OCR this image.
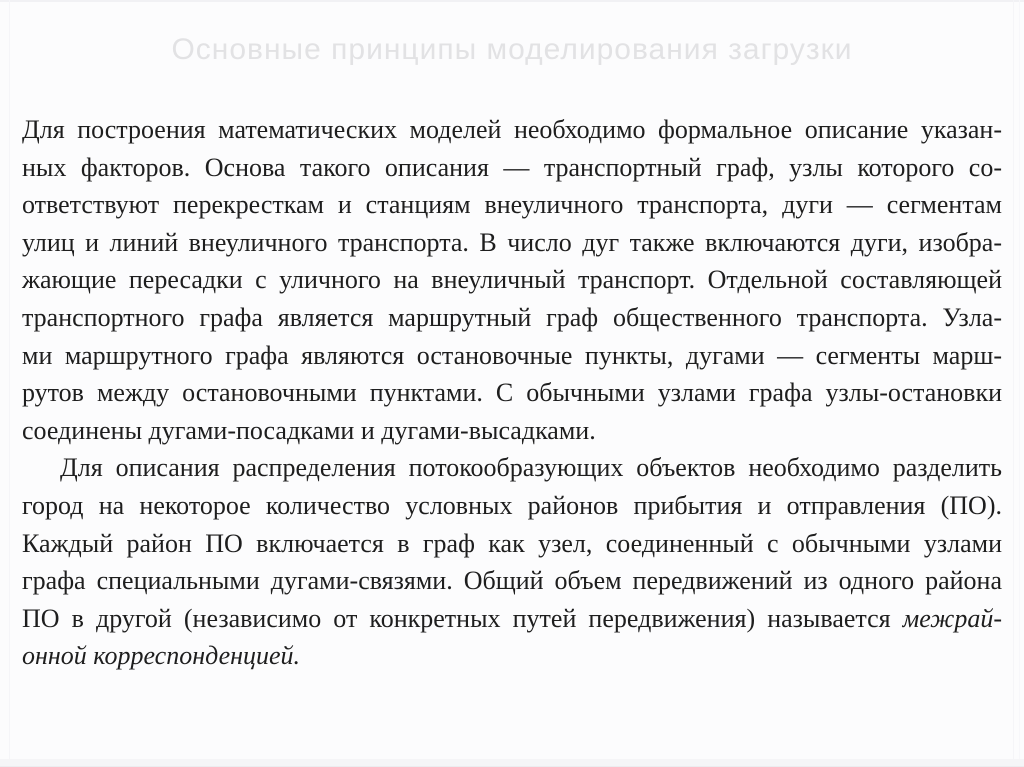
Основные принципы моделирования загрузки
Для построения математических моделей необходимо формальное описание указан-
ных факторов. Основа такого описания — транспортный граф, узлы которого со-
ответствуют перекресткам и станциям внеуличного транспорта, дуги — сегментам
улиц и линий внеуличного транспорта. В число дуг также включаются дуги, изобра-
жающие пересадки с уличного на внеуличный транспорт. Отдельной составляющей
транспортного графа является маршрутный граф общественного транспорта. Узла-
ми маршрутного графа являются остановочные пункты, дугами — сегменты марш-
рутов между остановочными пунктами. С обычными узлами графа узлы-остановки
соединены дугами-посадками и дугами-высадками.
Для описания распределения потокообразующих объектов необходимо разделить
город на некоторое количество условных районов прибытия и отправления (ПО).
Каждый район ПО включается в граф как узел, соединенный с обычными узлами
графа специальными дугами-связями. Общий объем передвижений из одного района
ПО в другой (независимо от конкретных путей передвижения) называется межрай-
онной корреспонденцией.
